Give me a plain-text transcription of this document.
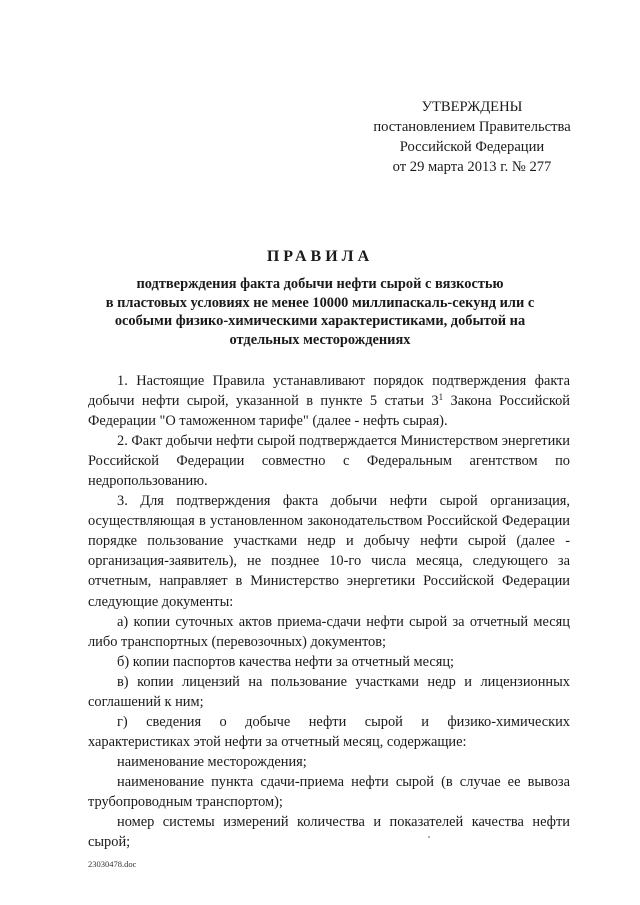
УТВЕРЖДЕНЫ
постановлением Правительства
Российской Федерации
от 29 марта 2013 г. № 277
ПРАВИЛА
подтверждения факта добычи нефти сырой с вязкостью
в пластовых условиях не менее 10000 миллипаскаль-секунд или с
особыми физико-химическими характеристиками, добытой на
отдельных месторождениях

1. Настоящие Правила устанавливают порядок подтверждения факта добычи нефти сырой, указанной в пункте 5 статьи $3^1$ Закона Российской Федерации "О таможенном тарифе" (далее - нефть сырая).

2. Факт добычи нефти сырой подтверждается Министерством энергетики Российской Федерации совместно с Федеральным агентством по недропользованию.

3. Для подтверждения факта добычи нефти сырой организация, осуществляющая в установленном законодательством Российской Федерации порядке пользование участками недр и добычу нефти сырой (далее - организация-заявитель), не позднее 10-го числа месяца, следующего за отчетным, направляет в Министерство энергетики Российской Федерации следующие документы:

а) копии суточных актов приема-сдачи нефти сырой за отчетный месяц либо транспортных (перевозочных) документов;

б) копии паспортов качества нефти за отчетный месяц;

в) копии лицензий на пользование участками недр и лицензионных соглашений к ним;

г) сведения о добыче нефти сырой и физико-химических характеристиках этой нефти за отчетный месяц, содержащие:

наименование месторождения;

наименование пункта сдачи-приема нефти сырой (в случае ее вывоза трубопроводным транспортом);

номер системы измерений количества и показателей качества нефти сырой;

23030478.doc
